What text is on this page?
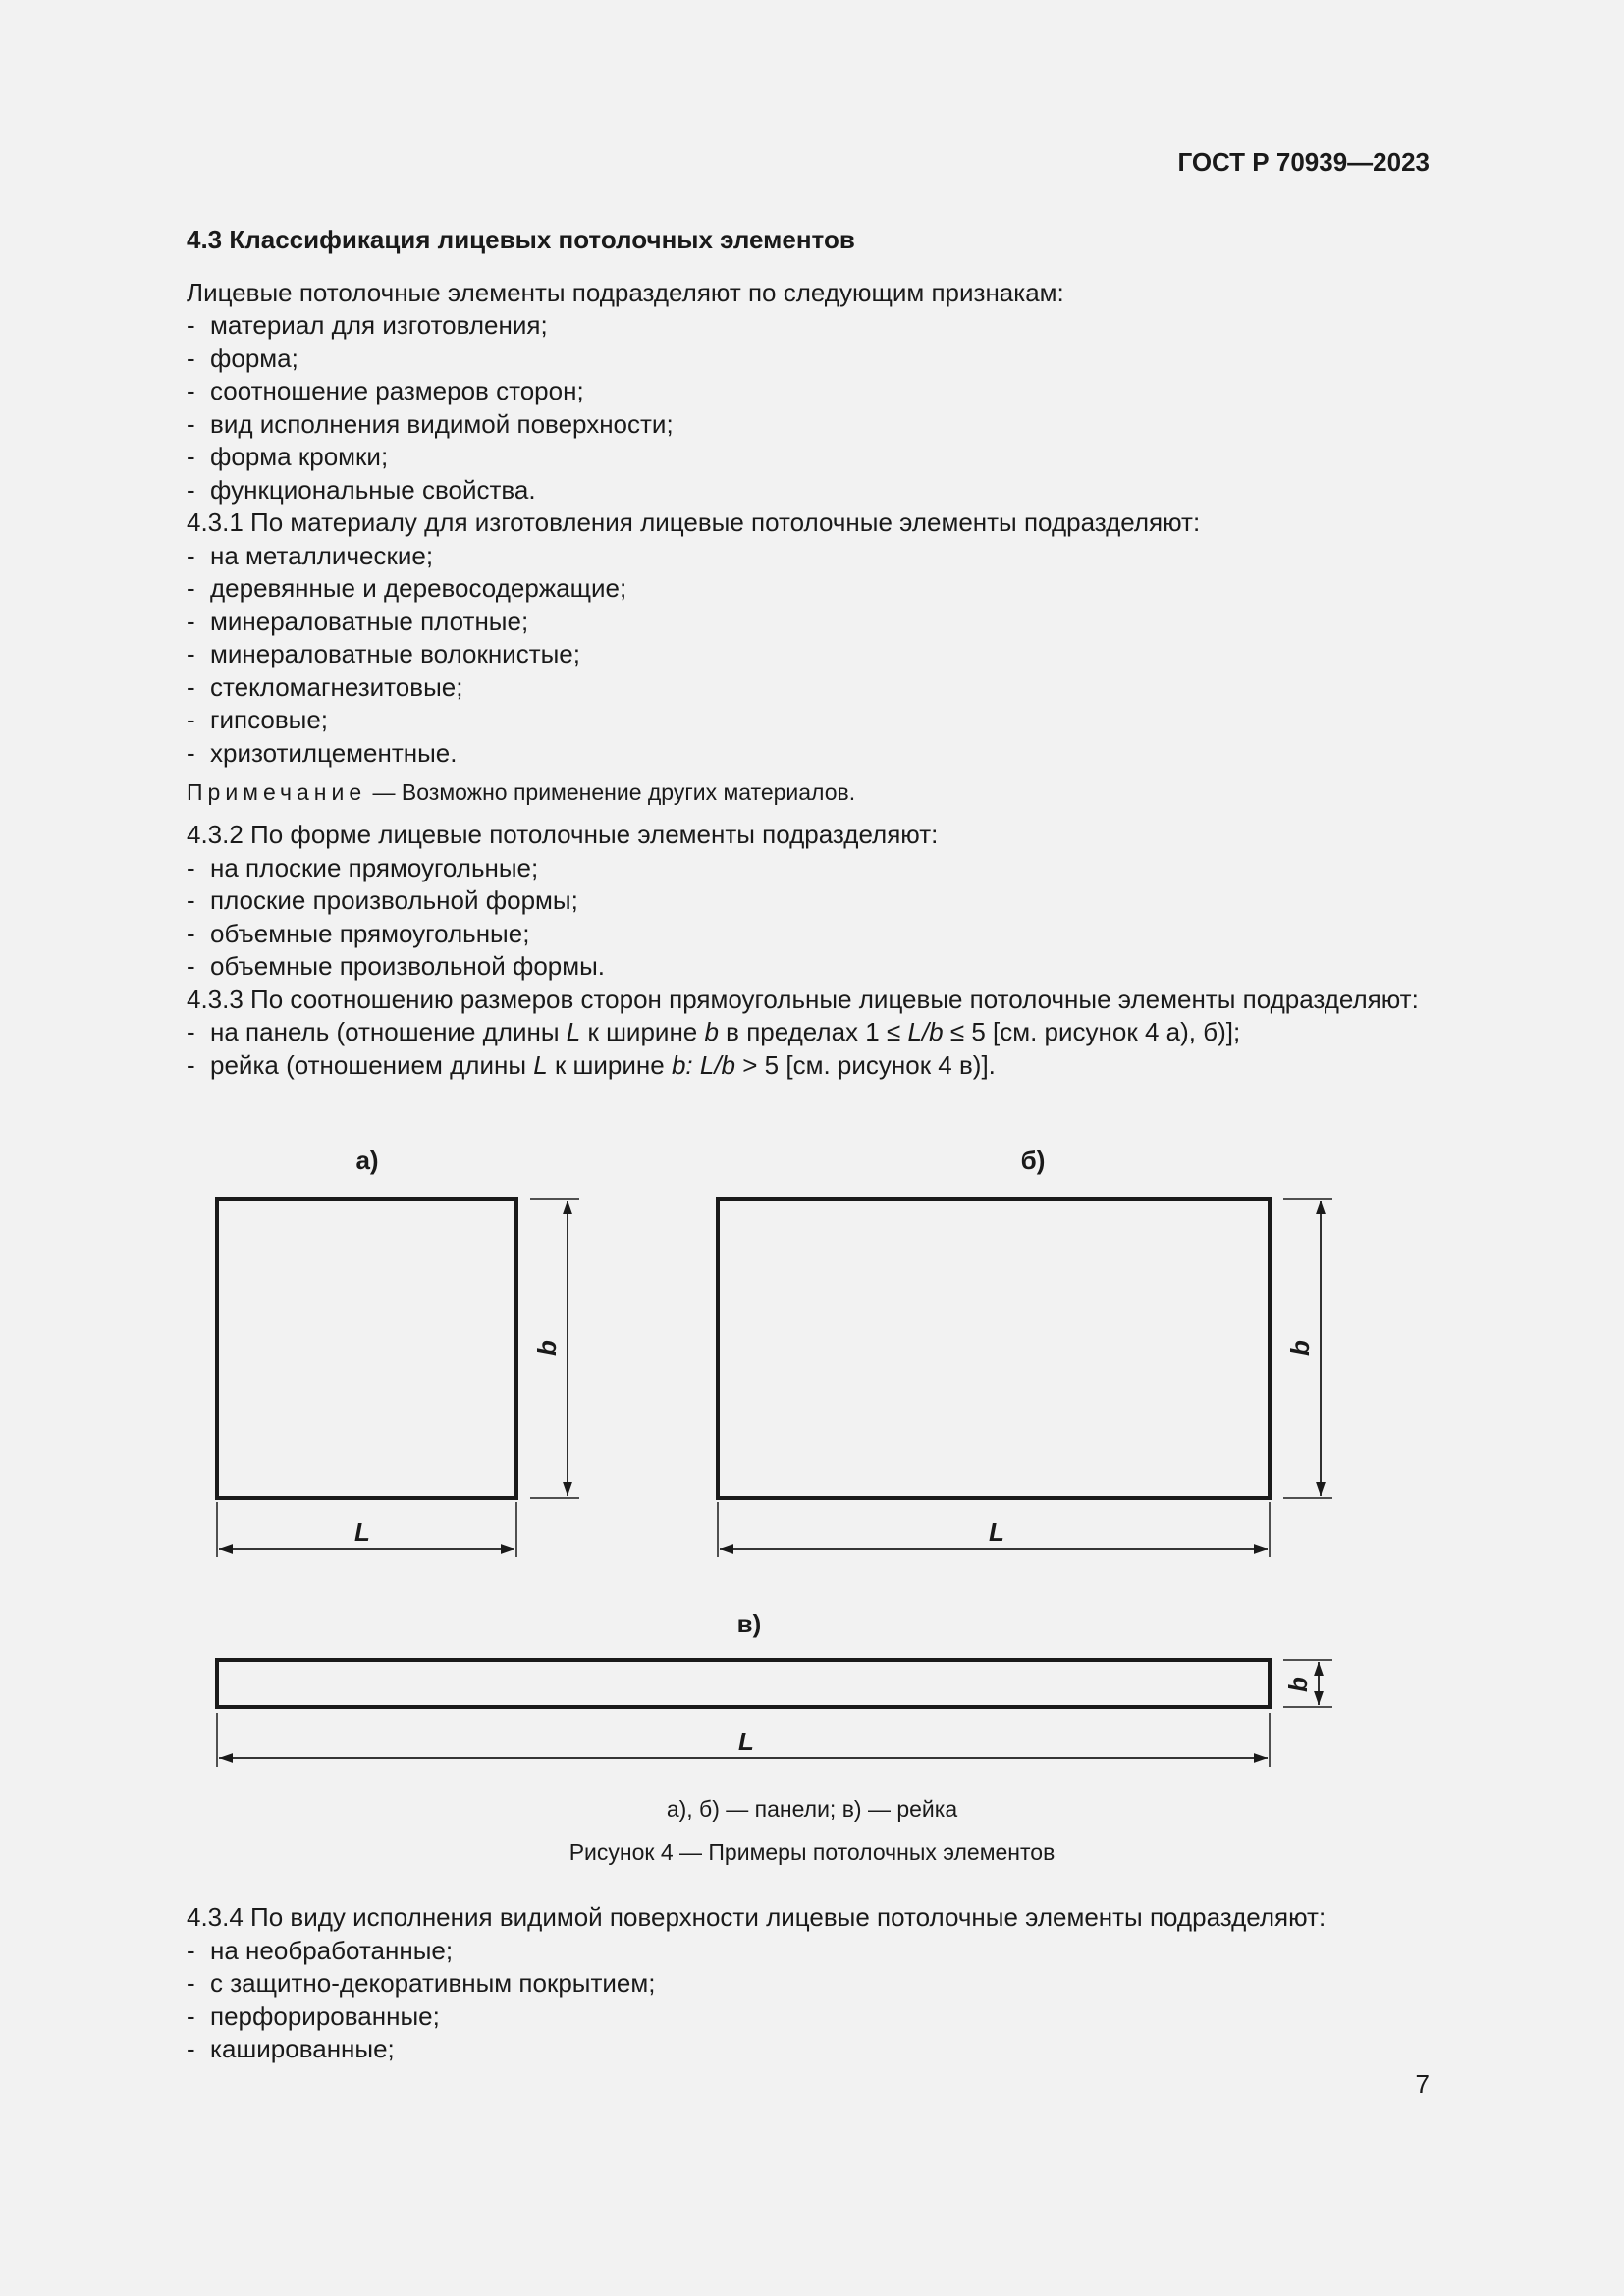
ГОСТ Р 70939—2023
4.3 Классификация лицевых потолочных элементов
Лицевые потолочные элементы подразделяют по следующим признакам:
- материал для изготовления;
- форма;
- соотношение размеров сторон;
- вид исполнения видимой поверхности;
- форма кромки;
- функциональные свойства.
4.3.1 По материалу для изготовления лицевые потолочные элементы подразделяют:
- на металлические;
- деревянные и деревосодержащие;
- минераловатные плотные;
- минераловатные волокнистые;
- стекломагнезитовые;
- гипсовые;
- хризотилцементные.
Примечание — Возможно применение других материалов.
4.3.2 По форме лицевые потолочные элементы подразделяют:
- на плоские прямоугольные;
- плоские произвольной формы;
- объемные прямоугольные;
- объемные произвольной формы.
4.3.3 По соотношению размеров сторон прямоугольные лицевые потолочные элементы подразделяют:
- на панель (отношение длины L к ширине b в пределах 1 ≤ L/b ≤ 5 [см. рисунок 4 а), б)];
- рейка (отношением длины L к ширине b: L/b > 5 [см. рисунок 4 в)].
а)	б)
в)
L	L
L
b	b
b
а), б) — панели; в) — рейка
Рисунок 4 — Примеры потолочных элементов
4.3.4 По виду исполнения видимой поверхности лицевые потолочные элементы подразделяют:
- на необработанные;
- с защитно-декоративным покрытием;
- перфорированные;
- кашированные;
7
